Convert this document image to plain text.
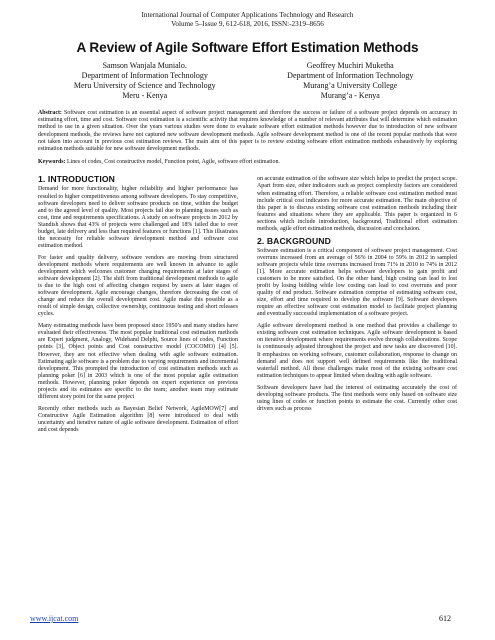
International Journal of Computer Applications Technology and Research
Volume 5–Issue 9, 612-618, 2016, ISSN:-2319–8656
A Review of Agile Software Effort Estimation Methods
Samson Wanjala Munialo.
Department of Information Technology
Meru University of Science and Technology
Meru - Kenya
Geoffrey Muchiri Muketha
Department of Information Technology
Murang’a University College
Murang’a - Kenya
Abstract: Software cost estimation is an essential aspect of software project management and therefore the success or failure of a software project depends on accuracy in estimating effort, time and cost. Software cost estimation is a scientific activity that requires knowledge of a number of relevant attributes that will determine which estimation method to use in a given situation. Over the years various studies were done to evaluate software effort estimation methods however due to introduction of new software development methods, the reviews have not captured new software development methods. Agile software development method is one of the recent popular methods that were not taken into account in previous cost estimation reviews. The main aim of this paper is to review existing software effort estimation methods exhaustively by exploring estimation methods suitable for new software development methods.
Keywords: Lines of codes, Cost constructive model, Function point, Agile, software effort estimation.
1. INTRODUCTION

Demand for more functionality, higher reliability and higher performance has resulted to higher competitiveness among software developers. To stay competitive, software developers need to deliver software products on time, within the budget and to the agreed level of quality. Most projects fail due to planning issues such as cost, time and requirements specifications. A study on software projects in 2012 by Standish shows that 43% of projects were challenged and 18% failed due to over budget, late delivery and less than required features or functions [1]. This illustrates the necessity for reliable software development method and software cost estimation method.

For faster and quality delivery, software vendors are moving from structured development methods where requirements are well known in advance to agile development which welcomes customer changing requirements at later stages of software development [2]. The shift from traditional development methods to agile is due to the high cost of affecting changes request by users at later stages of software development. Agile encourage changes, therefore decreasing the cost of change and reduce the overall development cost. Agile make this possible as a result of simple design, collective ownership, continuous testing and short releases cycles.

Many estimating methods have been proposed since 1950’s and many studies have evaluated their effectiveness. The most popular traditional cost estimation methods are Expert judgment, Analogy, Wideband Delphi, Source lines of codes, Function points [3], Object points and Cost constructive model (COCOMO) [4] [5]. However, they are not effective when dealing with agile software estimation. Estimating agile software is a problem due to varying requirements and incremental development. This prompted the introduction of cost estimation methods such as planning poker [6] in 2003 which is one of the most popular agile estimation methods. However, planning poker depends on expert experience on previous projects and its estimates are specific to the team; another team may estimate different story point for the same project

Recently other methods such as Bayesian Belief Network, AgileMOW[7] and Constructive Agile Estimation algorithm [8] were introduced to deal with uncertainty and iterative nature of agile software development. Estimation of effort and cost depends

on accurate estimation of the software size which helps to predict the project scope. Apart from size, other indicators such as project complexity factors are considered when estimating effort. Therefore, a reliable software cost estimation method must include critical cost indicators for more accurate estimation. The main objective of this paper is to discuss existing software cost estimation methods including their features and situations where they are applicable. This paper is organized in 6 sections which include introduction, background, Traditional effort estimation methods, agile effort estimation methods, discussion and conclusion.

2. BACKGROUND

Software estimation is a critical component of software project management. Cost overruns increased from an average of 56% in 2004 to 59% in 2012 in sampled software projects while time overruns increased from 71% in 2010 to 74% in 2012 [1]. More accurate estimation helps software developers to gain profit and customers to be more satisfied. On the other hand, high costing can lead to lost profit by losing bidding while low costing can lead to cost overruns and poor quality of end product. Software estimation comprise of estimating software cost, size, effort and time required to develop the software [9]. Software developers require an effective software cost estimation model to facilitate project planning and eventually successful implementation of a software project.

Agile software development method is one method that provides a challenge to existing software cost estimation techniques. Agile software development is based on iterative development where requirements evolve through collaborations. Scope is continuously adjusted throughout the project and new tasks are discovered [10]. It emphasizes on working software, customer collaboration, response to change on demand and does not support well defined requirements like the traditional waterfall method. All these challenges make most of the existing software cost estimation techniques to appear limited when dealing with agile software.

Software developers have had the interest of estimating accurately the cost of developing software products. The first methods were only based on software size using lines of codes or function points to estimate the cost. Currently other cost drivers such as process

www.ijcat.com	612
